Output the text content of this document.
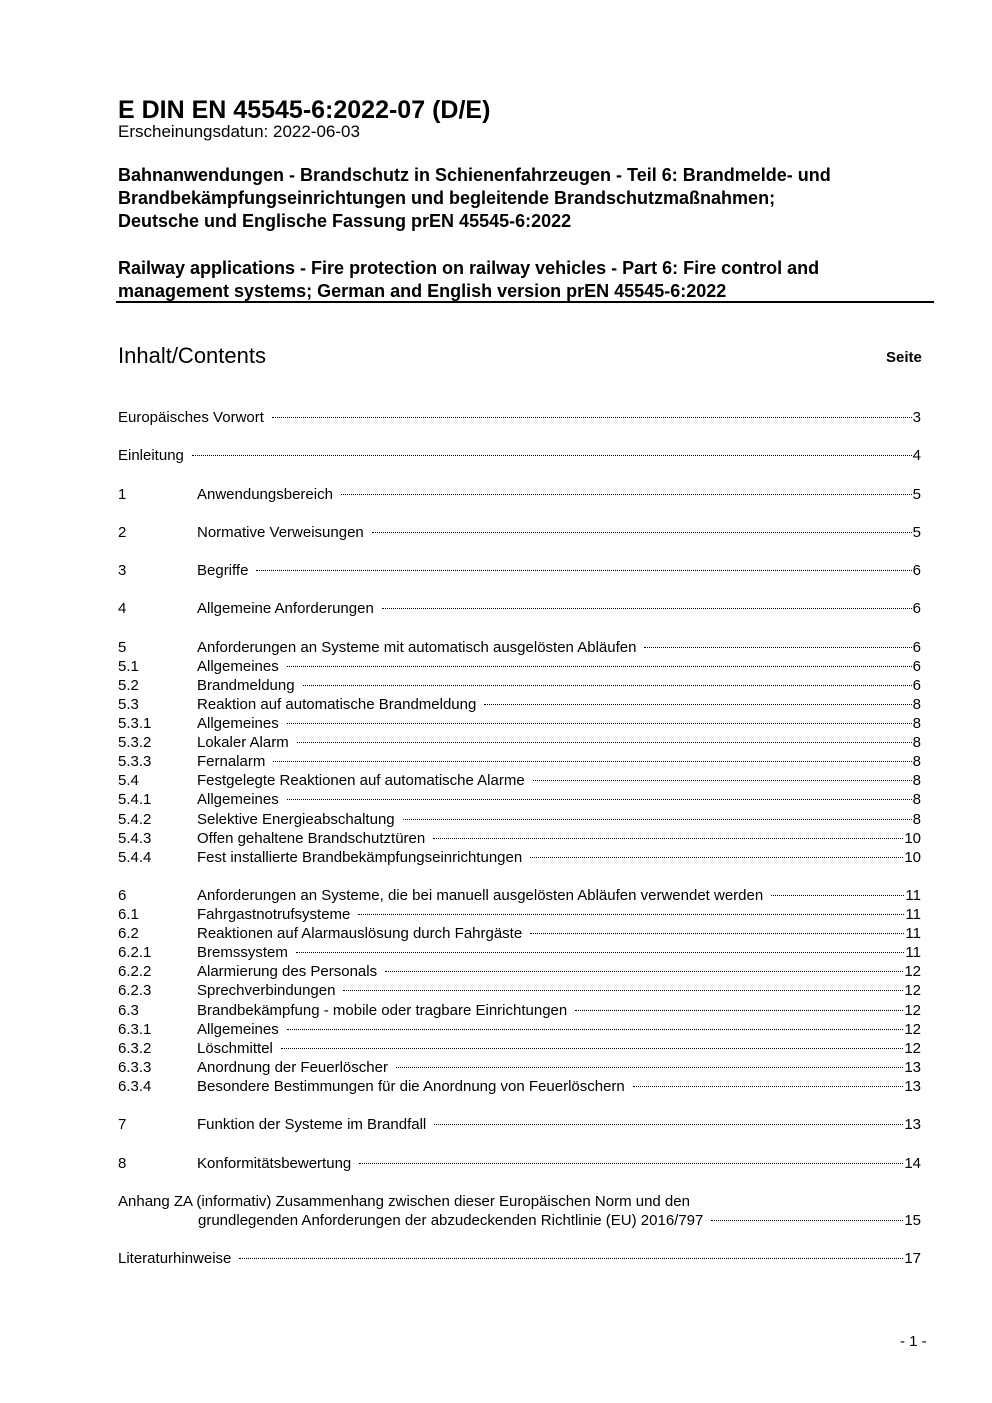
E DIN EN 45545-6:2022-07 (D/E)
Erscheinungsdatun: 2022-06-03
Bahnanwendungen - Brandschutz in Schienenfahrzeugen - Teil 6: Brandmelde- und
Brandbekämpfungseinrichtungen und begleitende Brandschutzmaßnahmen;
Deutsche und Englische Fassung prEN 45545-6:2022
Railway applications - Fire protection on railway vehicles - Part 6: Fire control and
management systems; German and English version prEN 45545-6:2022
Inhalt/Contents	Seite
Europäisches Vorwort	3
Einleitung	4
1	Anwendungsbereich	5
2	Normative Verweisungen	5
3	Begriffe	6
4	Allgemeine Anforderungen	6
5	Anforderungen an Systeme mit automatisch ausgelösten Abläufen	6
5.1	Allgemeines	6
5.2	Brandmeldung	6
5.3	Reaktion auf automatische Brandmeldung	8
5.3.1	Allgemeines	8
5.3.2	Lokaler Alarm	8
5.3.3	Fernalarm	8
5.4	Festgelegte Reaktionen auf automatische Alarme	8
5.4.1	Allgemeines	8
5.4.2	Selektive Energieabschaltung	8
5.4.3	Offen gehaltene Brandschutztüren	10
5.4.4	Fest installierte Brandbekämpfungseinrichtungen	10
6	Anforderungen an Systeme, die bei manuell ausgelösten Abläufen verwendet werden	11
6.1	Fahrgastnotrufsysteme	11
6.2	Reaktionen auf Alarmauslösung durch Fahrgäste	11
6.2.1	Bremssystem	11
6.2.2	Alarmierung des Personals	12
6.2.3	Sprechverbindungen	12
6.3	Brandbekämpfung - mobile oder tragbare Einrichtungen	12
6.3.1	Allgemeines	12
6.3.2	Löschmittel	12
6.3.3	Anordnung der Feuerlöscher	13
6.3.4	Besondere Bestimmungen für die Anordnung von Feuerlöschern	13
7	Funktion der Systeme im Brandfall	13
8	Konformitätsbewertung	14
Anhang ZA (informativ) Zusammenhang zwischen dieser Europäischen Norm und den
grundlegenden Anforderungen der abzudeckenden Richtlinie (EU) 2016/797	15
Literaturhinweise	17
- 1 -
